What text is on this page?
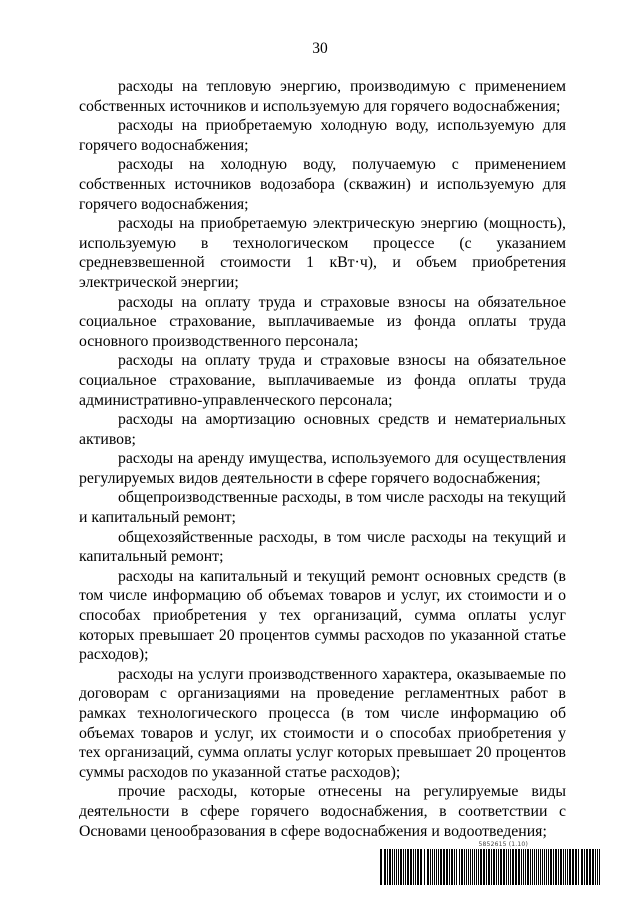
30

расходы на тепловую энергию, производимую с применением собственных источников и используемую для горячего водоснабжения;

расходы на приобретаемую холодную воду, используемую для горячего водоснабжения;

расходы на холодную воду, получаемую с применением собственных источников водозабора (скважин) и используемую для горячего водоснабжения;

расходы на приобретаемую электрическую энергию (мощность), используемую в технологическом процессе (с указанием средневзвешенной стоимости 1 кВт·ч), и объем приобретения электрической энергии;

расходы на оплату труда и страховые взносы на обязательное социальное страхование, выплачиваемые из фонда оплаты труда основного производственного персонала;

расходы на оплату труда и страховые взносы на обязательное социальное страхование, выплачиваемые из фонда оплаты труда административно-управленческого персонала;

расходы на амортизацию основных средств и нематериальных активов;

расходы на аренду имущества, используемого для осуществления регулируемых видов деятельности в сфере горячего водоснабжения;

общепроизводственные расходы, в том числе расходы на текущий и капитальный ремонт;

общехозяйственные расходы, в том числе расходы на текущий и капитальный ремонт;

расходы на капитальный и текущий ремонт основных средств (в том числе информацию об объемах товаров и услуг, их стоимости и о способах приобретения у тех организаций, сумма оплаты услуг которых превышает 20 процентов суммы расходов по указанной статье расходов);

расходы на услуги производственного характера, оказываемые по договорам с организациями на проведение регламентных работ в рамках технологического процесса (в том числе информацию об объемах товаров и услуг, их стоимости и о способах приобретения у тех организаций, сумма оплаты услуг которых превышает 20 процентов суммы расходов по указанной статье расходов);

прочие расходы, которые отнесены на регулируемые виды деятельности в сфере горячего водоснабжения, в соответствии с Основами ценообразования в сфере водоснабжения и водоотведения;

5852615 (1.10)
